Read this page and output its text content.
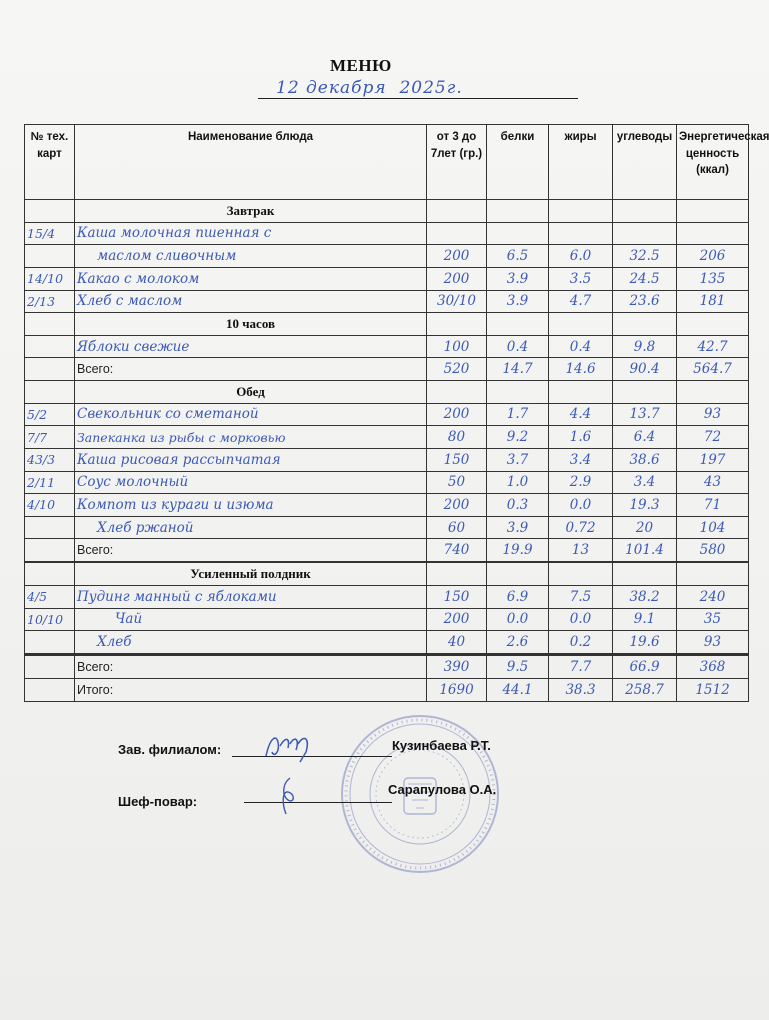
МЕНЮ
12 декабря  2025г.
№ тех. карт	Наименование блюда	от 3 до 7лет (гр.)	белки	жиры	углеводы	Энергетическая ценность (ккал)
	Завтрак					
15/4	Каша молочная пшенная с					
	маслом сливочным	200	6.5	6.0	32.5	206
14/10	Какао с молоком	200	3.9	3.5	24.5	135
2/13	Хлеб с маслом	30/10	3.9	4.7	23.6	181
	10 часов					
	Яблоки свежие	100	0.4	0.4	9.8	42.7
	Всего:	520	14.7	14.6	90.4	564.7
	Обед					
5/2	Свекольник со сметаной	200	1.7	4.4	13.7	93
7/7	Запеканка из рыбы с морковью	80	9.2	1.6	6.4	72
43/3	Каша рисовая рассыпчатая	150	3.7	3.4	38.6	197
2/11	Соус молочный	50	1.0	2.9	3.4	43
4/10	Компот из кураги и изюма	200	0.3	0.0	19.3	71
	Хлеб ржаной	60	3.9	0.72	20	104
	Всего:	740	19.9	13	101.4	580

	Усиленный полдник					
4/5	Пудинг манный с яблоками	150	6.9	7.5	38.2	240
10/10	Чай	200	0.0	0.0	9.1	35
	Хлеб	40	2.6	0.2	19.6	93

	Всего:	390	9.5	7.7	66.9	368
	Итого:	1690	44.1	38.3	258.7	1512
Зав. филиалом:	Кузинбаева Р.Т.
Шеф-повар:
Сарапулова О.А.
